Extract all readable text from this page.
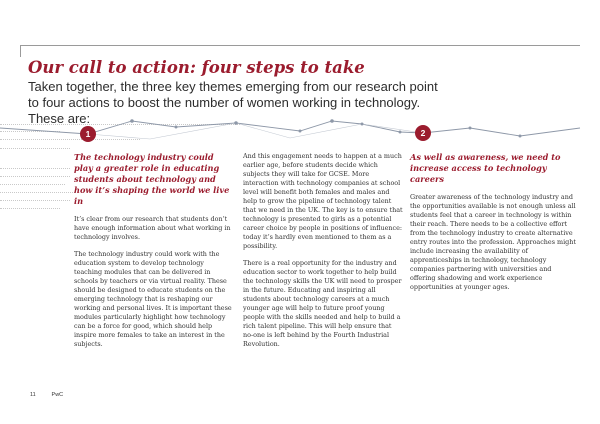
Our call to action: four steps to take

Taken together, the three key themes emerging from our research point to four actions to boost the number of women working in technology. These are:

1	2

The technology industry could play a greater role in educating students about technology and how it’s shaping the world we live in

It’s clear from our research that students don’t have enough information about what working in technology involves.

The technology industry could work with the education system to develop technology teaching modules that can be delivered in schools by teachers or via virtual reality. These should be designed to educate students on the emerging technology that is reshaping our working and personal lives. It is important these modules particularly highlight how technology can be a force for good, which should help inspire more females to take an interest in the subjects.

And this engagement needs to happen at a much earlier age, before students decide which subjects they will take for GCSE. More interaction with technology companies at school level will benefit both females and males and help to grow the pipeline of technology talent that we need in the UK. The key is to ensure that technology is presented to girls as a potential career choice by people in positions of influence: today it’s hardly even mentioned to them as a possibility.

There is a real opportunity for the industry and education sector to work together to help build the technology skills the UK will need to prosper in the future. Educating and inspiring all students about technology careers at a much younger age will help to future proof young people with the skills needed and help to build a rich talent pipeline. This will help ensure that no-one is left behind by the Fourth Industrial Revolution.

As well as awareness, we need to increase access to technology careers

Greater awareness of the technology industry and the opportunities available is not enough unless all students feel that a career in technology is within their reach. There needs to be a collective effort from the technology industry to create alternative entry routes into the profession. Approaches might include increasing the availability of apprenticeships in technology, technology companies partnering with universities and offering shadowing and work experience opportunities at younger ages.

11	PwC
